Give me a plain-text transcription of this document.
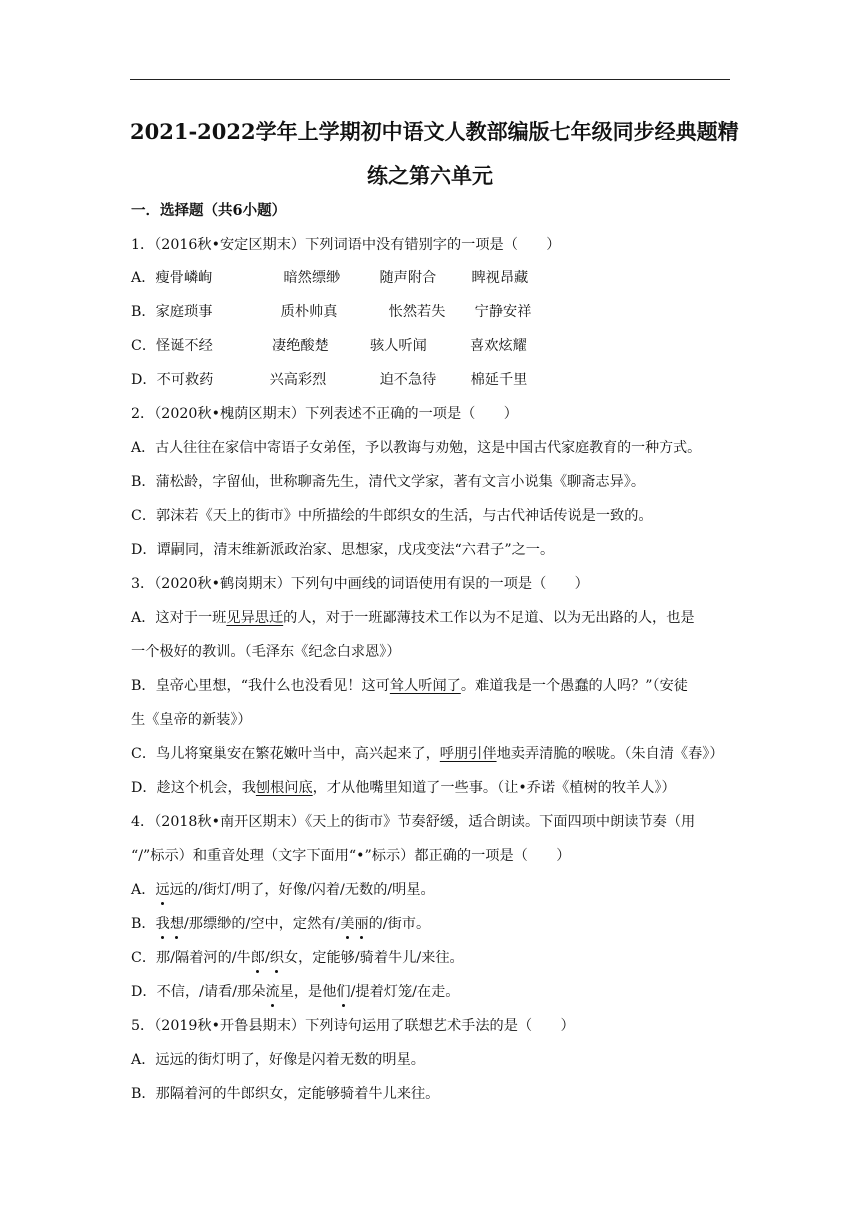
2021-2022学年上学期初中语文人教部编版七年级同步经典题精
练之第六单元
一．选择题（共6小题）
1．（2016秋•安定区期末）下列词语中没有错别字的一项是（　　）
A．瘦骨嶙峋	暗然缥缈	随声附合 睥视昂藏
B．家庭琐事	质朴帅真	怅然若失 宁静安祥
C．怪诞不经	凄绝酸楚	骇人听闻	喜欢炫耀
D．不可救药	兴高彩烈	迫不急待 棉延千里
2．（2020秋•槐荫区期末）下列表述不正确的一项是（　　）
A．古人往往在家信中寄语子女弟侄，予以教诲与劝勉，这是中国古代家庭教育的一种方式。
B．蒲松龄，字留仙，世称聊斋先生，清代文学家，著有文言小说集《聊斋志异》。
C．郭沫若《天上的街市》中所描绘的牛郎织女的生活，与古代神话传说是一致的。
D．谭嗣同，清末维新派政治家、思想家，戊戌变法“六君子”之一。
3．（2020秋•鹤岗期末）下列句中画线的词语使用有误的一项是（　　）
A．这对于一班见异思迁的人，对于一班鄙薄技术工作以为不足道、以为无出路的人，也是
一个极好的教训。（毛泽东《纪念白求恩》）
B．皇帝心里想，“我什么也没看见！这可耸人听闻了。难道我是一个愚蠢的人吗？”（安徒
生《皇帝的新装》）
C．鸟儿将窠巢安在繁花嫩叶当中，高兴起来了，呼朋引伴地卖弄清脆的喉咙。（朱自清《春》）
D．趁这个机会，我刨根问底，才从他嘴里知道了一些事。（让•乔诺《植树的牧羊人》）
4．（2018秋•南开区期末）《天上的街市》节奏舒缓，适合朗读。下面四项中朗读节奏（用
“/”标示）和重音处理（文字下面用“•”标示）都正确的一项是（　　）
A．远远的/街灯/明了，好像/闪着/无数的/明星。
B．我想/那缥缈的/空中，定然有/美丽的/街市。
C．那/隔着河的/牛郎/织女，定能够/骑着牛儿/来往。
D．不信，/请看/那朵流星，是他们/提着灯笼/在走。
5．（2019秋•开鲁县期末）下列诗句运用了联想艺术手法的是（　　）
A．远远的街灯明了，好像是闪着无数的明星。
B．那隔着河的牛郎织女，定能够骑着牛儿来往。
